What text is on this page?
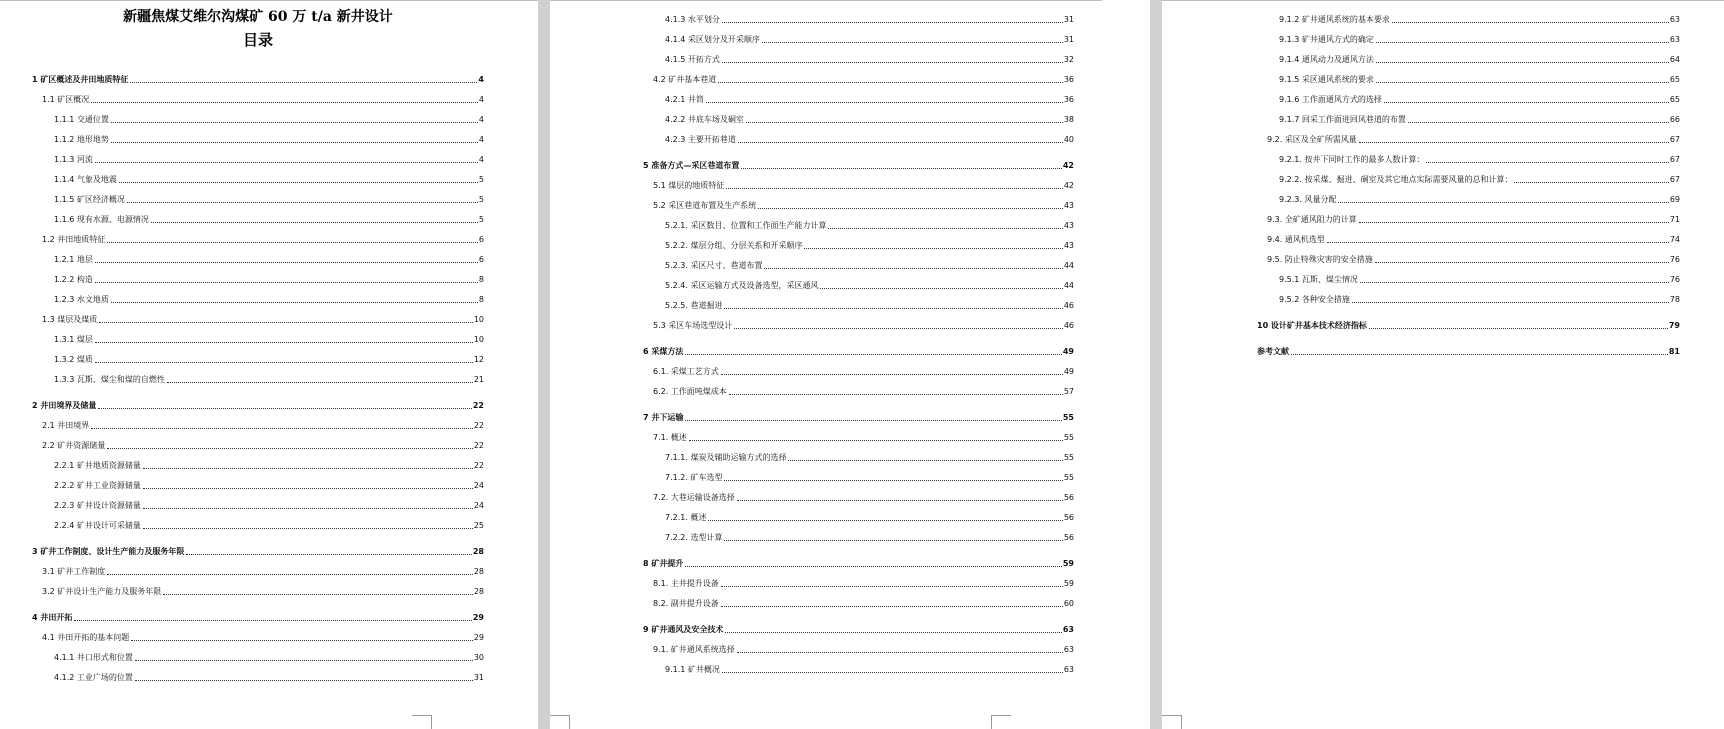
新疆焦煤艾维尔沟煤矿 60 万 t/a 新井设计
目录
1 矿区概述及井田地质特征	4
1.1 矿区概况	4
1.1.1 交通位置	4
1.1.2 地形地势	4
1.1.3 河流	4
1.1.4 气象及地震	5
1.1.5 矿区经济概况	5
1.1.6 现有水源、电源情况	5
1.2 井田地质特征	6
1.2.1 地层	6
1.2.2 构造	8
1.2.3 水文地质	8
1.3 煤层及煤质	10
1.3.1 煤层	10
1.3.2 煤质	12
1.3.3 瓦斯、煤尘和煤的自燃性	21
2 井田境界及储量	22
2.1 井田境界	22
2.2 矿井资源储量	22
2.2.1 矿井地质资源储量	22
2.2.2 矿井工业资源储量	24
2.2.3 矿井设计资源储量	24
2.2.4 矿井设计可采储量	25
3 矿井工作制度、设计生产能力及服务年限	28
3.1 矿井工作制度	28
3.2 矿井设计生产能力及服务年限	28
4 井田开拓	29
4.1 井田开拓的基本问题	29
4.1.1 井口形式和位置	30
4.1.2 工业广场的位置	31
4.1.3 水平划分	31
4.1.4 采区划分及开采顺序	31
4.1.5 开拓方式	32
4.2 矿井基本巷道	36
4.2.1 井筒	36
4.2.2 井底车场及硐室	38
4.2.3 主要开拓巷道	40
5 准备方式—采区巷道布置	42
5.1 煤层的地质特征	42
5.2 采区巷道布置及生产系统	43
5.2.1. 采区数目、位置和工作面生产能力计算	43
5.2.2. 煤层分组、分层关系和开采顺序	43
5.2.3. 采区尺寸、巷道布置	44
5.2.4. 采区运输方式及设备选型，采区通风	44
5.2.5. 巷道掘进	46
5.3 采区车场选型设计	46
6 采煤方法	49
6.1. 采煤工艺方式	49
6.2. 工作面吨煤成本	57
7 井下运输	55
7.1. 概述	55
7.1.1. 煤炭及辅助运输方式的选择	55
7.1.2. 矿车选型	55
7.2. 大巷运输设备选择	56
7.2.1. 概述	56
7.2.2. 选型计算	56
8 矿井提升	59
8.1. 主井提升设备	59
8.2. 副井提升设备	60
9 矿井通风及安全技术	63
9.1. 矿井通风系统选择	63
9.1.1 矿井概况	63
9.1.2 矿井通风系统的基本要求	63
9.1.3 矿井通风方式的确定	63
9.1.4 通风动力及通风方法	64
9.1.5 采区通风系统的要求	65
9.1.6 工作面通风方式的选择	65
9.1.7 回采工作面进回风巷道的布置	66
9.2. 采区及全矿所需风量	67
9.2.1. 按井下同时工作的最多人数计算：	67
9.2.2. 按采煤、掘进、硐室及其它地点实际需要风量的总和计算：	67
9.2.3. 风量分配	69
9.3. 全矿通风阻力的计算	71
9.4. 通风机选型	74
9.5. 防止特殊灾害的安全措施	76
9.5.1 瓦斯、煤尘情况	76
9.5.2 各种安全措施	78
10 设计矿井基本技术经济指标	79
参考文献	81
